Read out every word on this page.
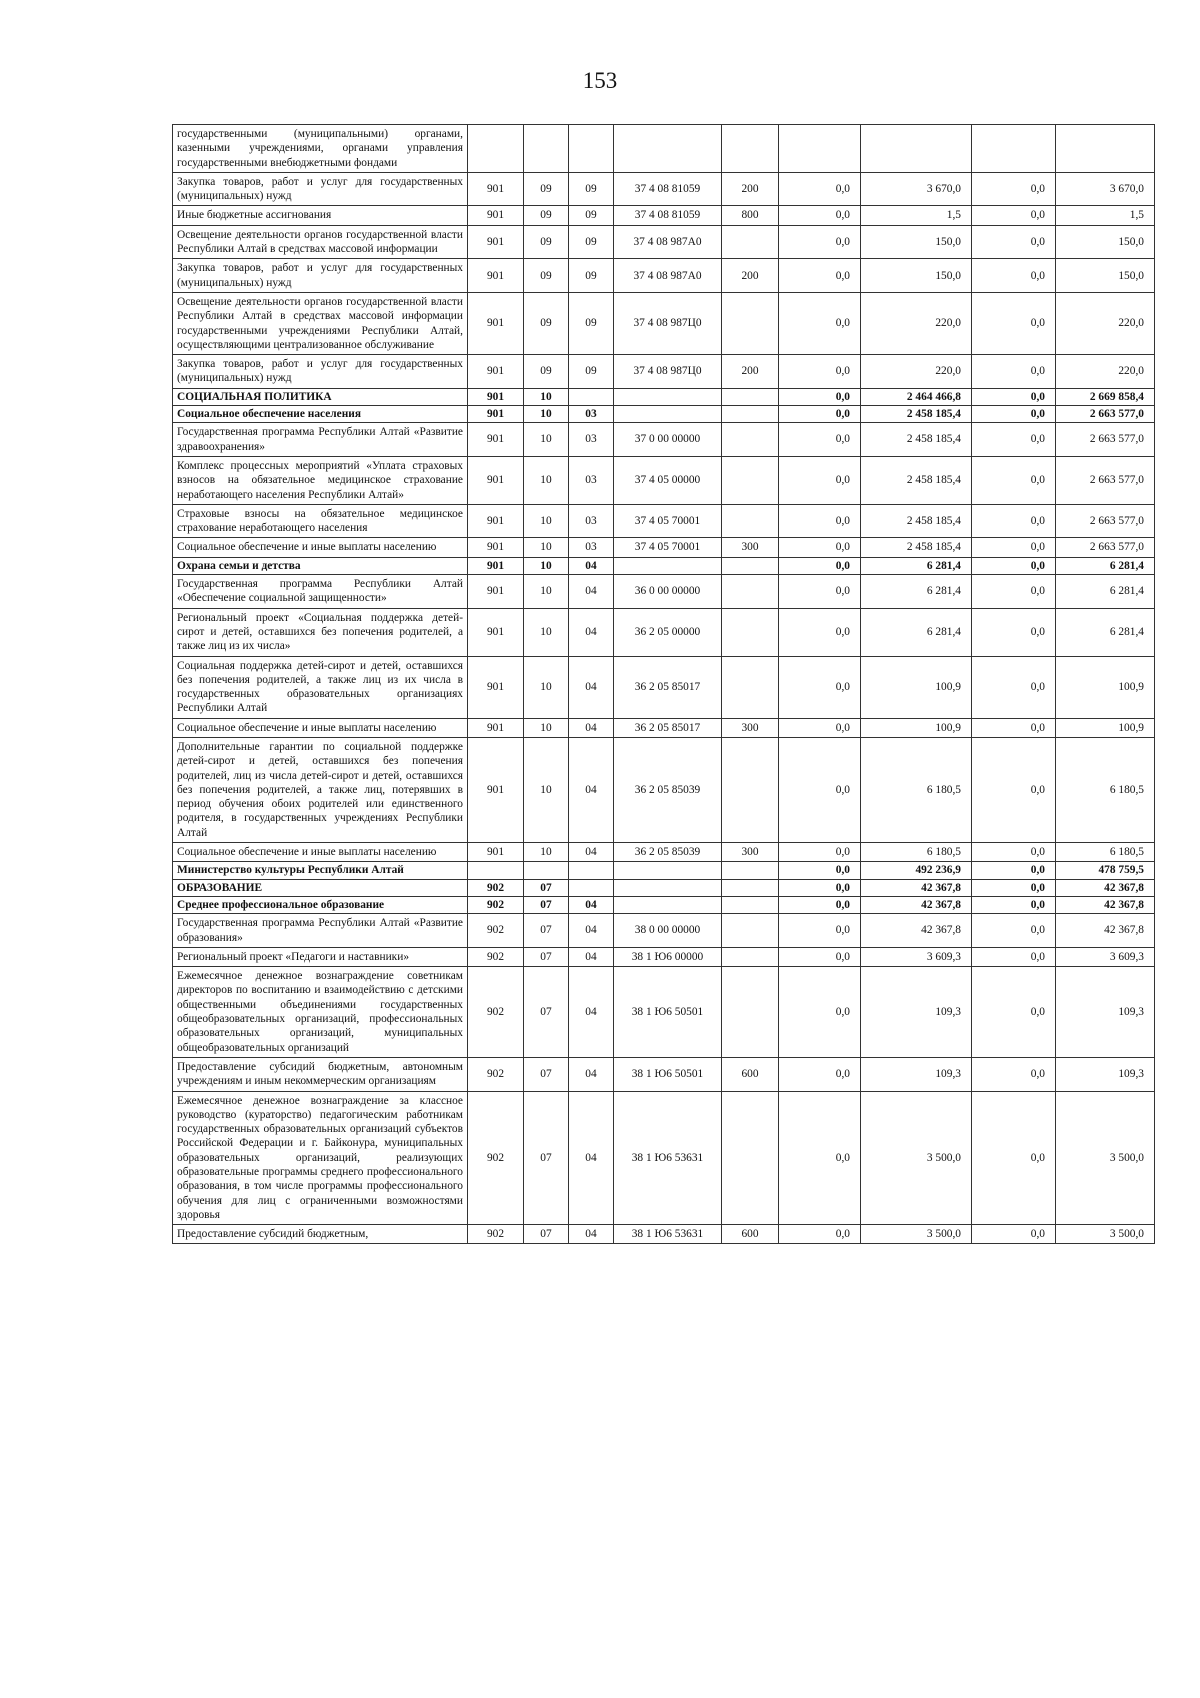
153
государственными (муниципальными) органами, казенными учреждениями, органами управления государственными внебюджетными фондами									
Закупка товаров, работ и услуг для государственных (муниципальных) нужд	901	09	09	37 4 08 81059	200	0,0	3 670,0	0,0	3 670,0
Иные бюджетные ассигнования	901	09	09	37 4 08 81059	800	0,0	1,5	0,0	1,5
Освещение деятельности органов государственной власти Республики Алтай в средствах массовой информации	901	09	09	37 4 08 987А0		0,0	150,0	0,0	150,0
Закупка товаров, работ и услуг для государственных (муниципальных) нужд	901	09	09	37 4 08 987А0	200	0,0	150,0	0,0	150,0
Освещение деятельности органов государственной власти Республики Алтай в средствах массовой информации государственными учреждениями Республики Алтай, осуществляющими централизованное обслуживание	901	09	09	37 4 08 987Ц0		0,0	220,0	0,0	220,0
Закупка товаров, работ и услуг для государственных (муниципальных) нужд	901	09	09	37 4 08 987Ц0	200	0,0	220,0	0,0	220,0
СОЦИАЛЬНАЯ ПОЛИТИКА	901	10				0,0	2 464 466,8	0,0	2 669 858,4
Социальное обеспечение населения	901	10	03			0,0	2 458 185,4	0,0	2 663 577,0
Государственная программа Республики Алтай «Развитие здравоохранения»	901	10	03	37 0 00 00000		0,0	2 458 185,4	0,0	2 663 577,0
Комплекс процессных мероприятий «Уплата страховых взносов на обязательное медицинское страхование неработающего населения Республики Алтай»	901	10	03	37 4 05 00000		0,0	2 458 185,4	0,0	2 663 577,0
Страховые взносы на обязательное медицинское страхование неработающего населения	901	10	03	37 4 05 70001		0,0	2 458 185,4	0,0	2 663 577,0
Социальное обеспечение и иные выплаты населению	901	10	03	37 4 05 70001	300	0,0	2 458 185,4	0,0	2 663 577,0
Охрана семьи и детства	901	10	04			0,0	6 281,4	0,0	6 281,4
Государственная программа Республики Алтай «Обеспечение социальной защищенности»	901	10	04	36 0 00 00000		0,0	6 281,4	0,0	6 281,4
Региональный проект «Социальная поддержка детей-сирот и детей, оставшихся без попечения родителей, а также лиц из их числа»	901	10	04	36 2 05 00000		0,0	6 281,4	0,0	6 281,4
Социальная поддержка детей-сирот и детей, оставшихся без попечения родителей, а также лиц из их числа в государственных образовательных организациях Республики Алтай	901	10	04	36 2 05 85017		0,0	100,9	0,0	100,9
Социальное обеспечение и иные выплаты населению	901	10	04	36 2 05 85017	300	0,0	100,9	0,0	100,9
Дополнительные гарантии по социальной поддержке детей-сирот и детей, оставшихся без попечения родителей, лиц из числа детей-сирот и детей, оставшихся без попечения родителей, а также лиц, потерявших в период обучения обоих родителей или единственного родителя, в государственных учреждениях Республики Алтай	901	10	04	36 2 05 85039		0,0	6 180,5	0,0	6 180,5
Социальное обеспечение и иные выплаты населению	901	10	04	36 2 05 85039	300	0,0	6 180,5	0,0	6 180,5
Министерство культуры Республики Алтай						0,0	492 236,9	0,0	478 759,5
ОБРАЗОВАНИЕ	902	07				0,0	42 367,8	0,0	42 367,8
Среднее профессиональное образование	902	07	04			0,0	42 367,8	0,0	42 367,8
Государственная программа Республики Алтай «Развитие образования»	902	07	04	38 0 00 00000		0,0	42 367,8	0,0	42 367,8
Региональный проект «Педагоги и наставники»	902	07	04	38 1 Ю6 00000		0,0	3 609,3	0,0	3 609,3
Ежемесячное денежное вознаграждение советникам директоров по воспитанию и взаимодействию с детскими общественными объединениями государственных общеобразовательных организаций, профессиональных образовательных организаций, муниципальных общеобразовательных организаций	902	07	04	38 1 Ю6 50501		0,0	109,3	0,0	109,3
Предоставление субсидий бюджетным, автономным учреждениям и иным некоммерческим организациям	902	07	04	38 1 Ю6 50501	600	0,0	109,3	0,0	109,3
Ежемесячное денежное вознаграждение за классное руководство (кураторство) педагогическим работникам государственных образовательных организаций субъектов Российской Федерации и г. Байконура, муниципальных образовательных организаций, реализующих образовательные программы среднего профессионального образования, в том числе программы профессионального обучения для лиц с ограниченными возможностями здоровья	902	07	04	38 1 Ю6 53631		0,0	3 500,0	0,0	3 500,0
Предоставление субсидий бюджетным,	902	07	04	38 1 Ю6 53631	600	0,0	3 500,0	0,0	3 500,0
